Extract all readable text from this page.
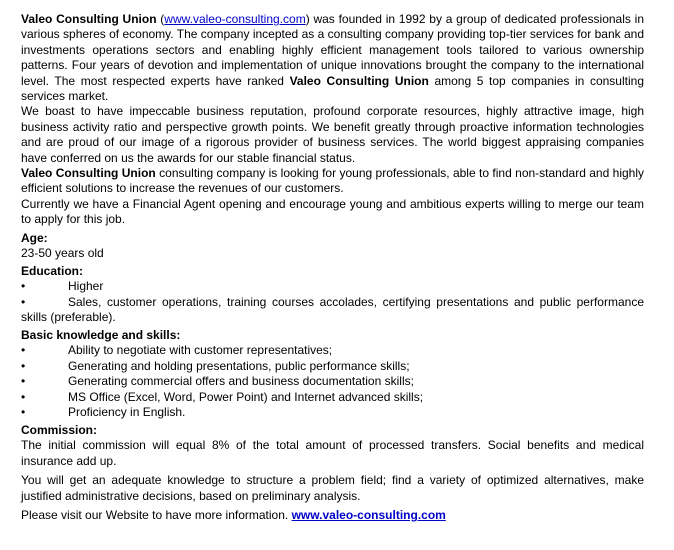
Valeo Consulting Union (www.valeo-consulting.com) was founded in 1992 by a group of dedicated professionals in various spheres of economy. The company incepted as a consulting company providing top-tier services for bank and investments operations sectors and enabling highly efficient management tools tailored to various ownership patterns. Four years of devotion and implementation of unique innovations brought the company to the international level. The most respected experts have ranked Valeo Consulting Union among 5 top companies in consulting services market.

We boast to have impeccable business reputation, profound corporate resources, highly attractive image, high business activity ratio and perspective growth points. We benefit greatly through proactive information technologies and are proud of our image of a rigorous provider of business services. The world biggest appraising companies have conferred on us the awards for our stable financial status.

Valeo Consulting Union consulting company is looking for young professionals, able to find non-standard and highly efficient solutions to increase the revenues of our customers.

Currently we have a Financial Agent opening and encourage young and ambitious experts willing to merge our team to apply for this job.

Age:

23-50 years old

Education:

•	Higher
•	Sales, customer operations, training courses accolades, certifying presentations and public performance skills (preferable).

Basic knowledge and skills:

•	Ability to negotiate with customer representatives;
•	Generating and holding presentations, public performance skills;
•	Generating commercial offers and business documentation skills;
•	MS Office (Excel, Word, Power Point) and Internet advanced skills;
•	Proficiency in English.

Commission:

The initial commission will equal 8% of the total amount of processed transfers. Social benefits and medical insurance add up.

You will get an adequate knowledge to structure a problem field; find a variety of optimized alternatives, make justified administrative decisions, based on preliminary analysis.

Please visit our Website to have more information. www.valeo-consulting.com
